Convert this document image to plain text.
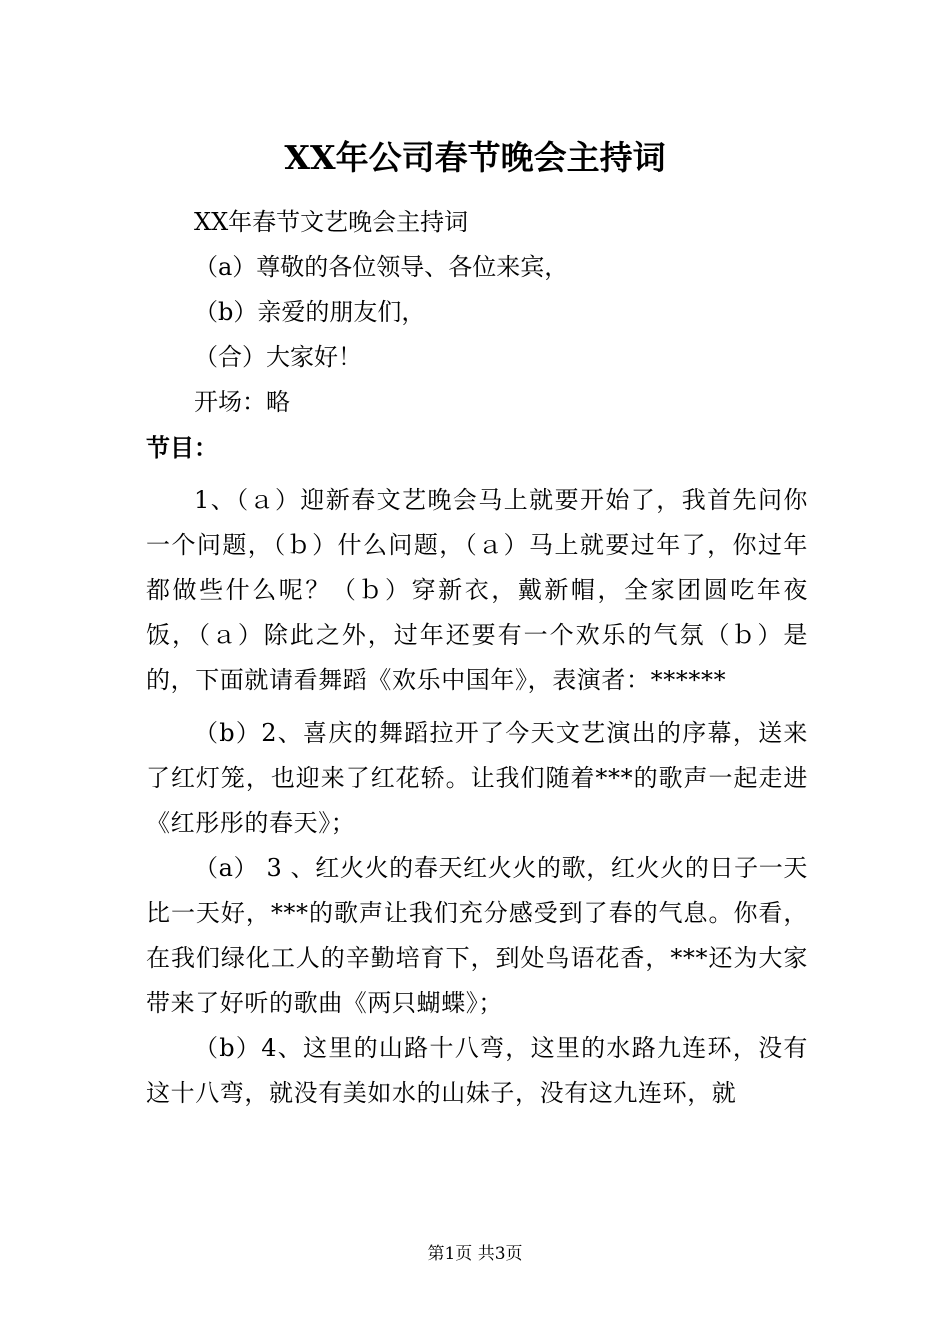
XX年公司春节晚会主持词

XX年春节文艺晚会主持词

（a）尊敬的各位领导、各位来宾，

（b）亲爱的朋友们，

（合）大家好！

开场：略

节目：

1、（ａ）迎新春文艺晚会马上就要开始了，我首先问你一个问题，（ｂ）什么问题，（ａ）马上就要过年了，你过年都做些什么呢？（ｂ）穿新衣，戴新帽，全家团圆吃年夜饭，（ａ）除此之外，过年还要有一个欢乐的气氛（ｂ）是的，下面就请看舞蹈《欢乐中国年》，表演者：******

（b）2、喜庆的舞蹈拉开了今天文艺演出的序幕，送来了红灯笼，也迎来了红花轿。让我们随着***的歌声一起走进《红彤彤的春天》；

（a） 3 、红火火的春天红火火的歌，红火火的日子一天比一天好，***的歌声让我们充分感受到了春的气息。你看，在我们绿化工人的辛勤培育下，到处鸟语花香，***还为大家带来了好听的歌曲《两只蝴蝶》；

（b）4、这里的山路十八弯，这里的水路九连环，没有这十八弯，就没有美如水的山妹子，没有这九连环，就

第1页 共3页
